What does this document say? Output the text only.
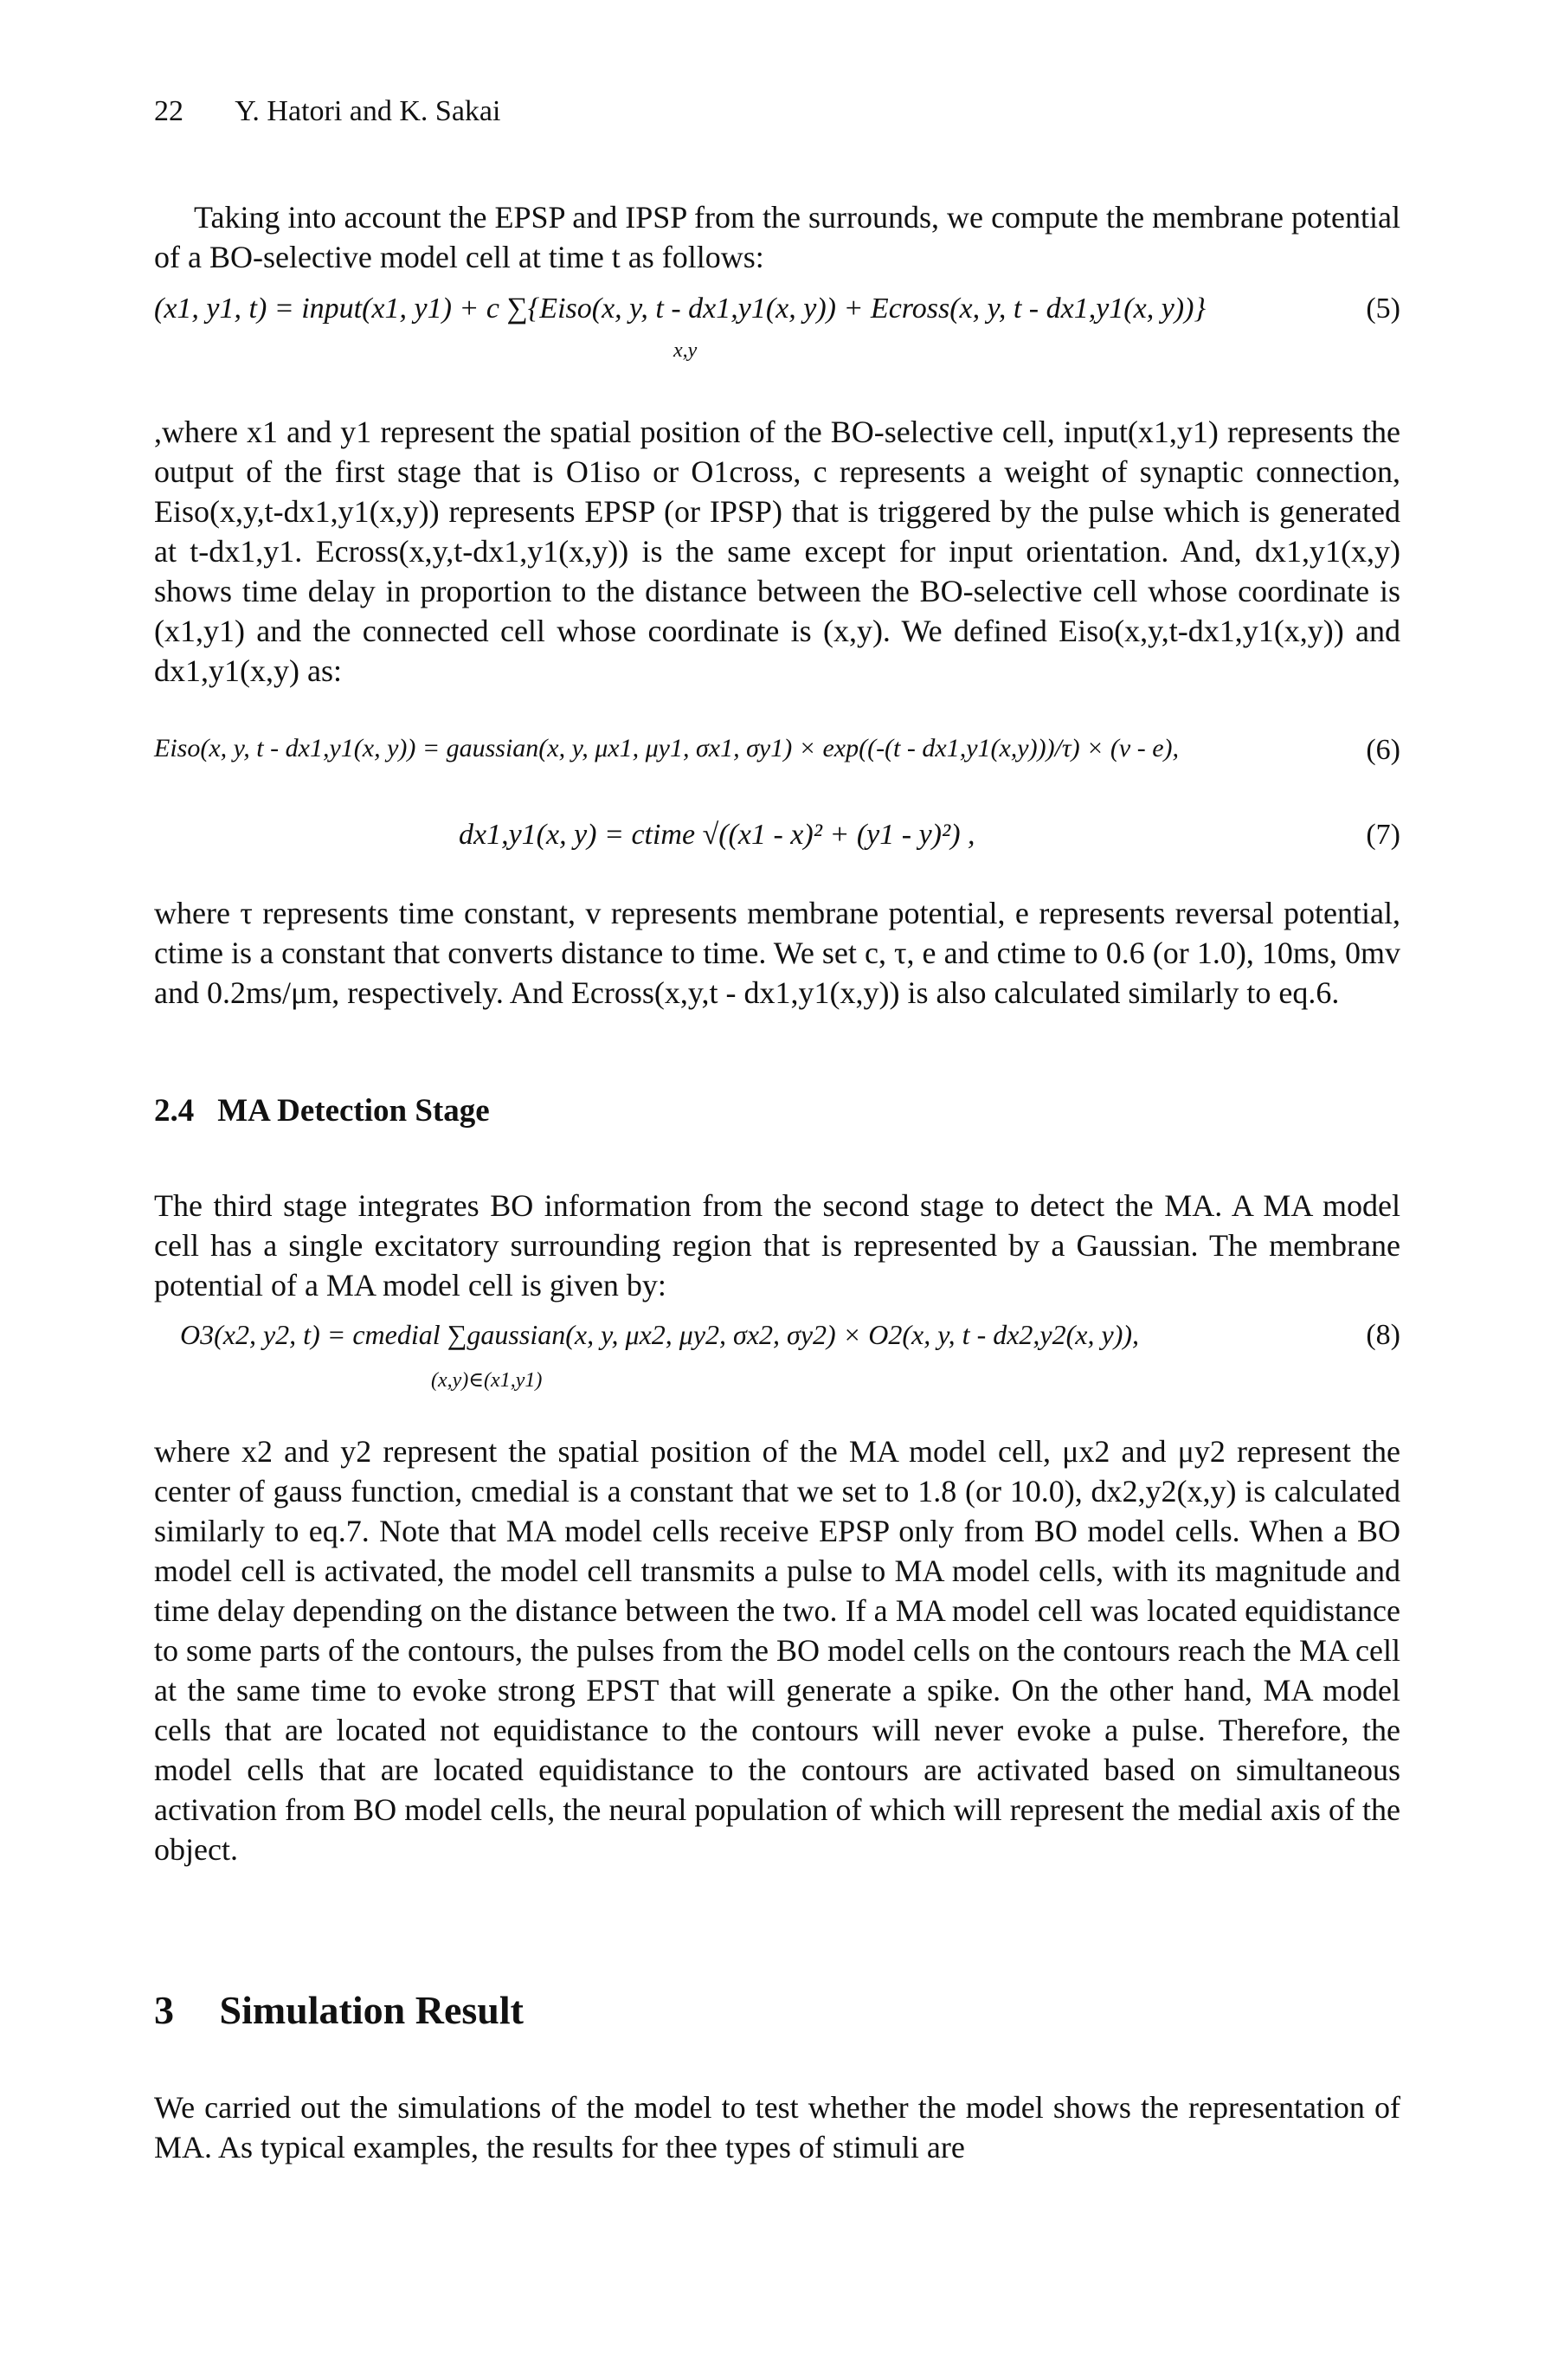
22 Y. Hatori and K. Sakai

Taking into account the EPSP and IPSP from the surrounds, we compute the membrane potential of a BO-selective model cell at time t as follows:

(x1, y1, t) = input(x1, y1) + c ∑{Eiso(x, y, t - dx1,y1(x, y)) + Ecross(x, y, t - dx1,y1(x, y))}
x,y
(5)

,where x1 and y1 represent the spatial position of the BO-selective cell, input(x1,y1) represents the output of the first stage that is O1iso or O1cross, c represents a weight of synaptic connection, Eiso(x,y,t-dx1,y1(x,y)) represents EPSP (or IPSP) that is triggered by the pulse which is generated at t-dx1,y1. Ecross(x,y,t-dx1,y1(x,y)) is the same except for input orientation. And, dx1,y1(x,y) shows time delay in proportion to the distance between the BO-selective cell whose coordinate is (x1,y1) and the connected cell whose coordinate is (x,y). We defined Eiso(x,y,t-dx1,y1(x,y)) and dx1,y1(x,y) as:

Eiso(x, y, t - dx1,y1(x, y)) = gaussian(x, y, μx1, μy1, σx1, σy1) × exp((-(t - dx1,y1(x,y)))/τ) × (v - e),	(6)
dx1,y1(x, y) = ctime √((x1 - x)² + (y1 - y)²) ,	(7)

where τ represents time constant, v represents membrane potential, e represents reversal potential, ctime is a constant that converts distance to time. We set c, τ, e and ctime to 0.6 (or 1.0), 10ms, 0mv and 0.2ms/μm, respectively. And Ecross(x,y,t - dx1,y1(x,y)) is also calculated similarly to eq.6.

2.4 MA Detection Stage

The third stage integrates BO information from the second stage to detect the MA. A MA model cell has a single excitatory surrounding region that is represented by a Gaussian. The membrane potential of a MA model cell is given by:

O3(x2, y2, t) = cmedial ∑gaussian(x, y, μx2, μy2, σx2, σy2) × O2(x, y, t - dx2,y2(x, y)),
(x,y)∈(x1,y1)
(8)

where x2 and y2 represent the spatial position of the MA model cell, μx2 and μy2 represent the center of gauss function, cmedial is a constant that we set to 1.8 (or 10.0), dx2,y2(x,y) is calculated similarly to eq.7. Note that MA model cells receive EPSP only from BO model cells. When a BO model cell is activated, the model cell transmits a pulse to MA model cells, with its magnitude and time delay depending on the distance between the two. If a MA model cell was located equidistance to some parts of the contours, the pulses from the BO model cells on the contours reach the MA cell at the same time to evoke strong EPST that will generate a spike. On the other hand, MA model cells that are located not equidistance to the contours will never evoke a pulse. Therefore, the model cells that are located equidistance to the contours are activated based on simultaneous activation from BO model cells, the neural population of which will represent the medial axis of the object.

3 Simulation Result

We carried out the simulations of the model to test whether the model shows the representation of MA. As typical examples, the results for thee types of stimuli are
